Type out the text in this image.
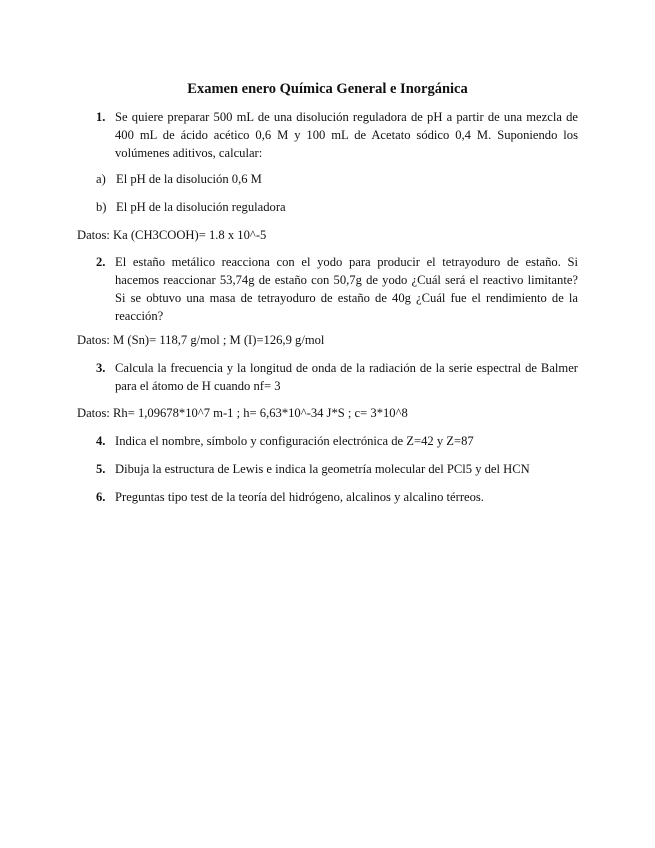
Examen enero Química General e Inorgánica
1. Se quiere preparar 500 mL de una disolución reguladora de pH a partir de una mezcla de
400 mL de ácido acético 0,6 M y 100 mL de Acetato sódico 0,4 M. Suponiendo los
volúmenes aditivos, calcular:
a) El pH de la disolución 0,6 M
b) El pH de la disolución reguladora
Datos: Ka (CH3COOH)= 1.8 x 10^-5
2. El estaño metálico reacciona con el yodo para producir el tetrayoduro de estaño. Si
hacemos reaccionar 53,74g de estaño con 50,7g de yodo ¿Cuál será el reactivo limitante?
Si se obtuvo una masa de tetrayoduro de estaño de 40g ¿Cuál fue el rendimiento de la
reacción?
Datos: M (Sn)= 118,7 g/mol ; M (I)=126,9 g/mol
3. Calcula la frecuencia y la longitud de onda de la radiación de la serie espectral de Balmer
para el átomo de H cuando nf= 3
Datos: Rh= 1,09678*10^7 m-1 ; h= 6,63*10^-34 J*S ; c= 3*10^8
4. Indica el nombre, símbolo y configuración electrónica de Z=42 y Z=87
5. Dibuja la estructura de Lewis e indica la geometría molecular del PCl5 y del HCN
6. Preguntas tipo test de la teoría del hidrógeno, alcalinos y alcalino térreos.
